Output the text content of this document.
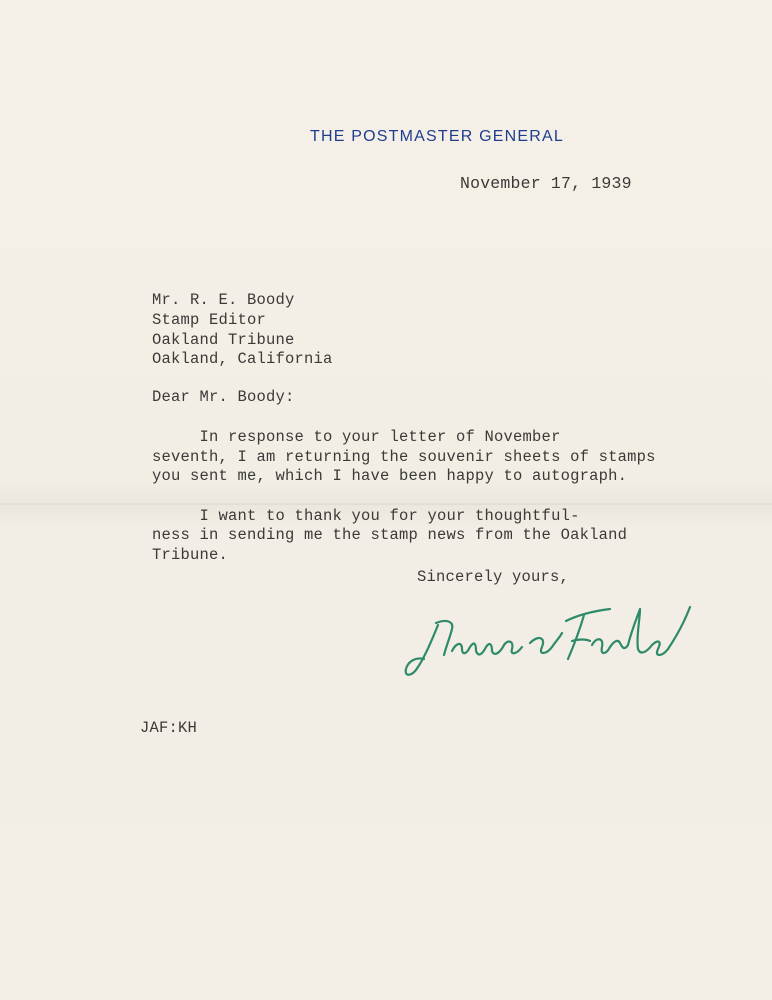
THE POSTMASTER GENERAL
November 17, 1939
Mr. R. E. Boody
Stamp Editor
Oakland Tribune
Oakland, California
Dear Mr. Boody:
In response to your letter of November
seventh, I am returning the souvenir sheets of stamps
you sent me, which I have been happy to autograph.
I want to thank you for your thoughtful-
ness in sending me the stamp news from the Oakland
Tribune.
Sincerely yours,
JAF:KH
